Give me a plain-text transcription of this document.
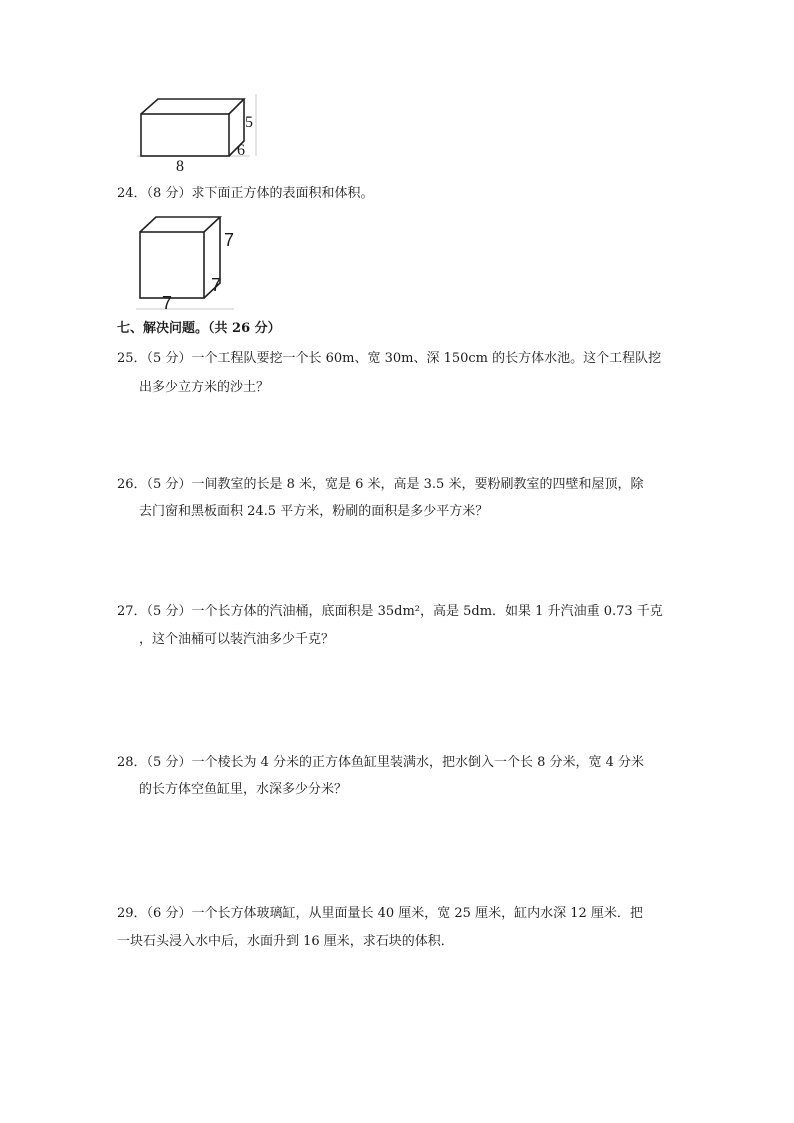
5
6
8
24．（8 分）求下面正方体的表面积和体积。
7
7
7
七、解决问题。（共 26 分）
25．（5 分）一个工程队要挖一个长 60m、宽 30m、深 150cm 的长方体水池。这个工程队挖
出多少立方米的沙土？
26．（5 分）一间教室的长是 8 米，宽是 6 米，高是 3.5 米，要粉刷教室的四壁和屋顶，除
去门窗和黑板面积 24.5 平方米，粉刷的面积是多少平方米？
27．（5 分）一个长方体的汽油桶，底面积是 35dm²，高是 5dm．如果 1 升汽油重 0.73 千克
，这个油桶可以装汽油多少千克？
28．（5 分）一个棱长为 4 分米的正方体鱼缸里装满水，把水倒入一个长 8 分米，宽 4 分米
的长方体空鱼缸里，水深多少分米？
29．（6 分）一个长方体玻璃缸，从里面量长 40 厘米，宽 25 厘米，缸内水深 12 厘米．把
一块石头浸入水中后，水面升到 16 厘米，求石块的体积．
